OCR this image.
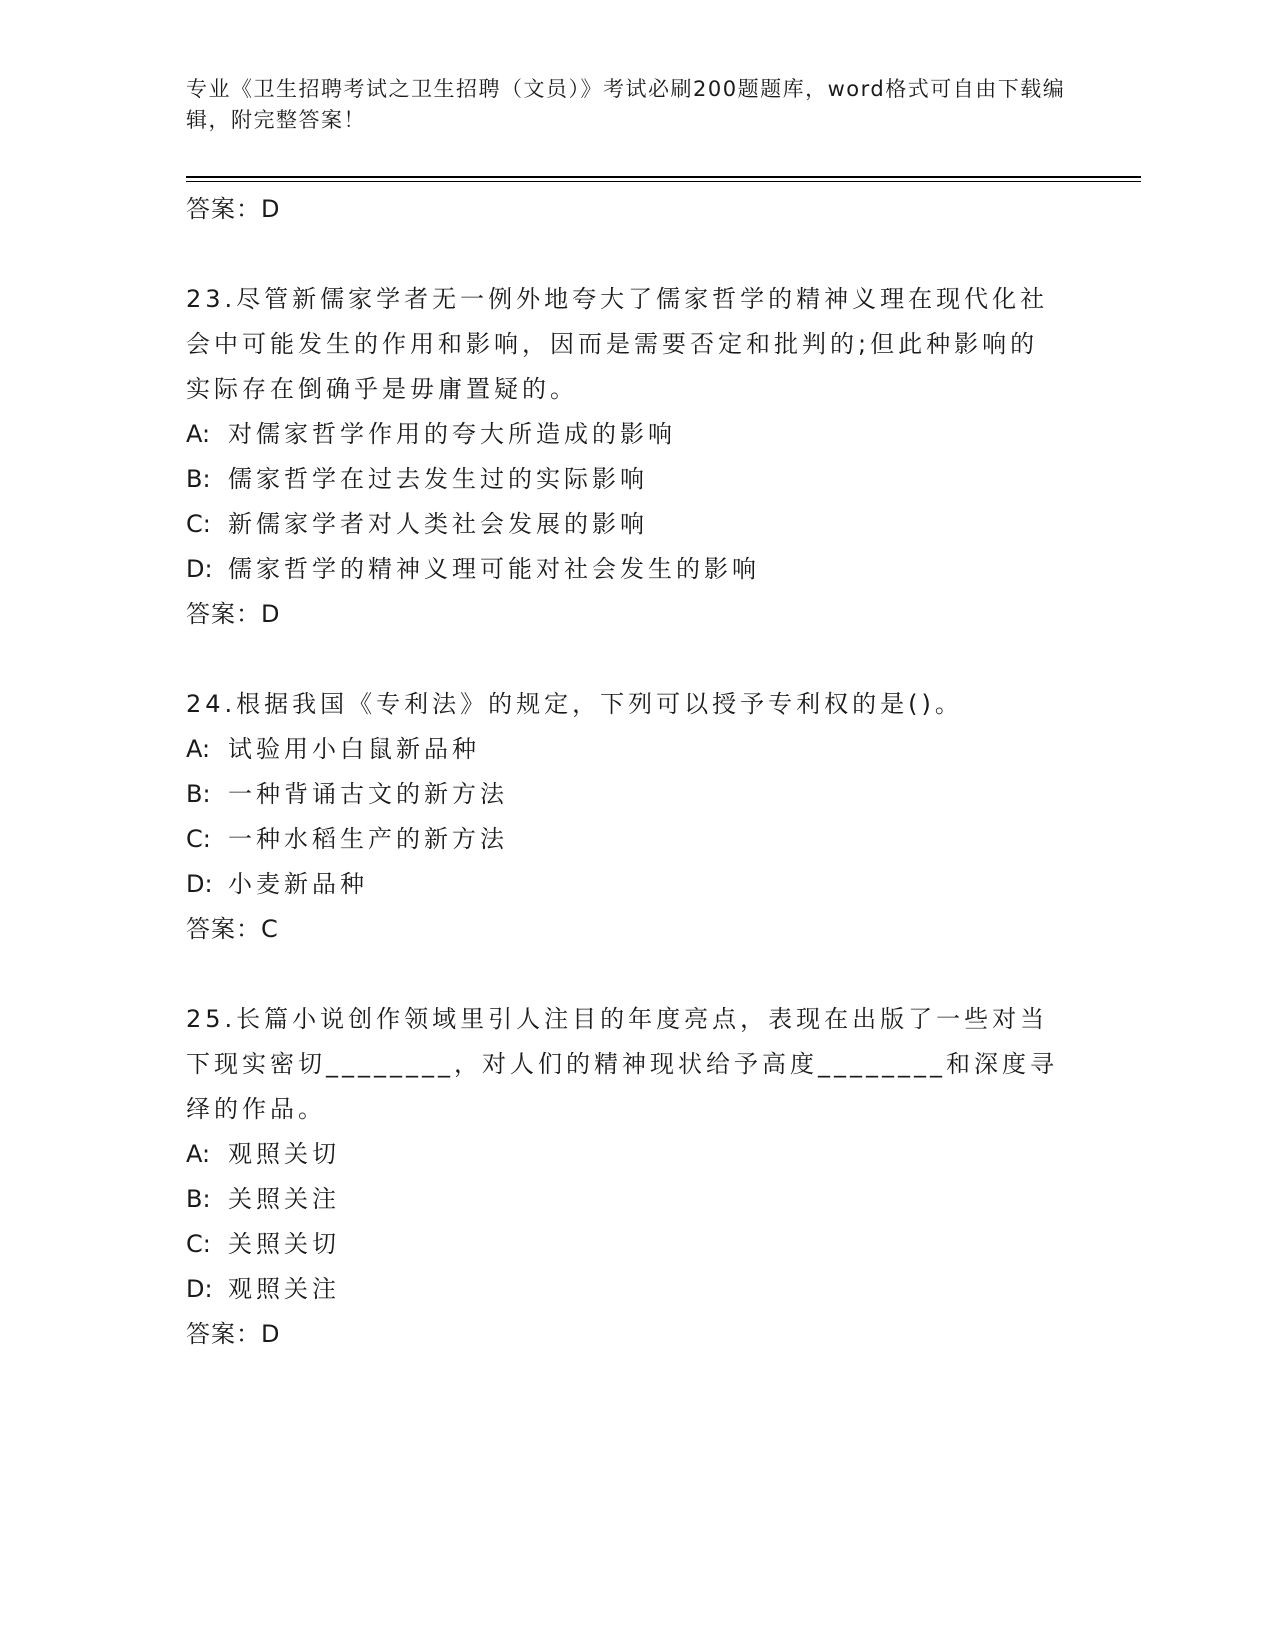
专业《卫生招聘考试之卫生招聘（文员）》考试必刷200题题库，word格式可自由下载编辑，附完整答案！
答案：D
23.尽管新儒家学者无一例外地夸大了儒家哲学的精神义理在现代化社会中可能发生的作用和影响，因而是需要否定和批判的;但此种影响的实际存在倒确乎是毋庸置疑的。
A: 对儒家哲学作用的夸大所造成的影响
B: 儒家哲学在过去发生过的实际影响
C: 新儒家学者对人类社会发展的影响
D: 儒家哲学的精神义理可能对社会发生的影响
答案：D
24.根据我国《专利法》的规定，下列可以授予专利权的是()。
A: 试验用小白鼠新品种
B: 一种背诵古文的新方法
C: 一种水稻生产的新方法
D: 小麦新品种
答案：C
25.长篇小说创作领域里引人注目的年度亮点，表现在出版了一些对当下现实密切________，对人们的精神现状给予高度________和深度寻绎的作品。
A: 观照关切
B: 关照关注
C: 关照关切
D: 观照关注
答案：D
